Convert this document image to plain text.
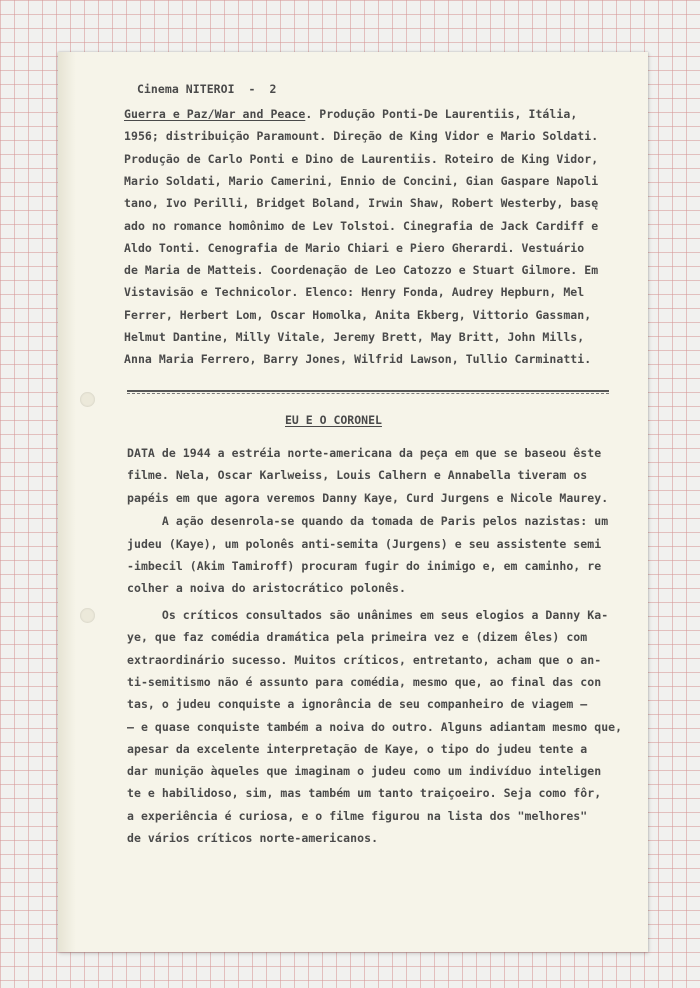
Cinema NITEROI  -  2

Guerra e Paz/War and Peace. Produção Ponti-De Laurentiis, Itália,

1956; distribuição Paramount. Direção de King Vidor e Mario Soldati.

Produção de Carlo Ponti e Dino de Laurentiis. Roteiro de King Vidor,

Mario Soldati, Mario Camerini, Ennio de Concini, Gian Gaspare Napoli

tano, Ivo Perilli, Bridget Boland, Irwin Shaw, Robert Westerby, basę

ado no romance homônimo de Lev Tolstoi. Cinegrafia de Jack Cardiff e

Aldo Tonti. Cenografia de Mario Chiari e Piero Gherardi. Vestuário

de Maria de Matteis. Coordenação de Leo Catozzo e Stuart Gilmore. Em

Vistavisão e Technicolor. Elenco: Henry Fonda, Audrey Hepburn, Mel

Ferrer, Herbert Lom, Oscar Homolka, Anita Ekberg, Vittorio Gassman,

Helmut Dantine, Milly Vitale, Jeremy Brett, May Britt, John Mills,

Anna Maria Ferrero, Barry Jones, Wilfrid Lawson, Tullio Carminatti.

EU E O CORONEL

DATA de 1944 a estréia norte-americana da peça em que se baseou êste

filme. Nela, Oscar Karlweiss, Louis Calhern e Annabella tiveram os

papéis em que agora veremos Danny Kaye, Curd Jurgens e Nicole Maurey.

A ação desenrola-se quando da tomada de Paris pelos nazistas: um

judeu (Kaye), um polonês anti-semita (Jurgens) e seu assistente semi

-imbecil (Akim Tamiroff) procuram fugir do inimigo e, em caminho, re

colher a noiva do aristocrático polonês.

Os críticos consultados são unânimes em seus elogios a Danny Ka-

ye, que faz comédia dramática pela primeira vez e (dizem êles) com

extraordinário sucesso. Muitos críticos, entretanto, acham que o an-

ti-semitismo não é assunto para comédia, mesmo que, ao final das con

tas, o judeu conquiste a ignorância de seu companheiro de viagem —

— e quase conquiste também a noiva do outro. Alguns adiantam mesmo que,

apesar da excelente interpretação de Kaye, o tipo do judeu tente a

dar munição àqueles que imaginam o judeu como um indivíduo inteligen

te e habilidoso, sim, mas também um tanto traiçoeiro. Seja como fôr,

a experiência é curiosa, e o filme figurou na lista dos "melhores"

de vários críticos norte-americanos.
